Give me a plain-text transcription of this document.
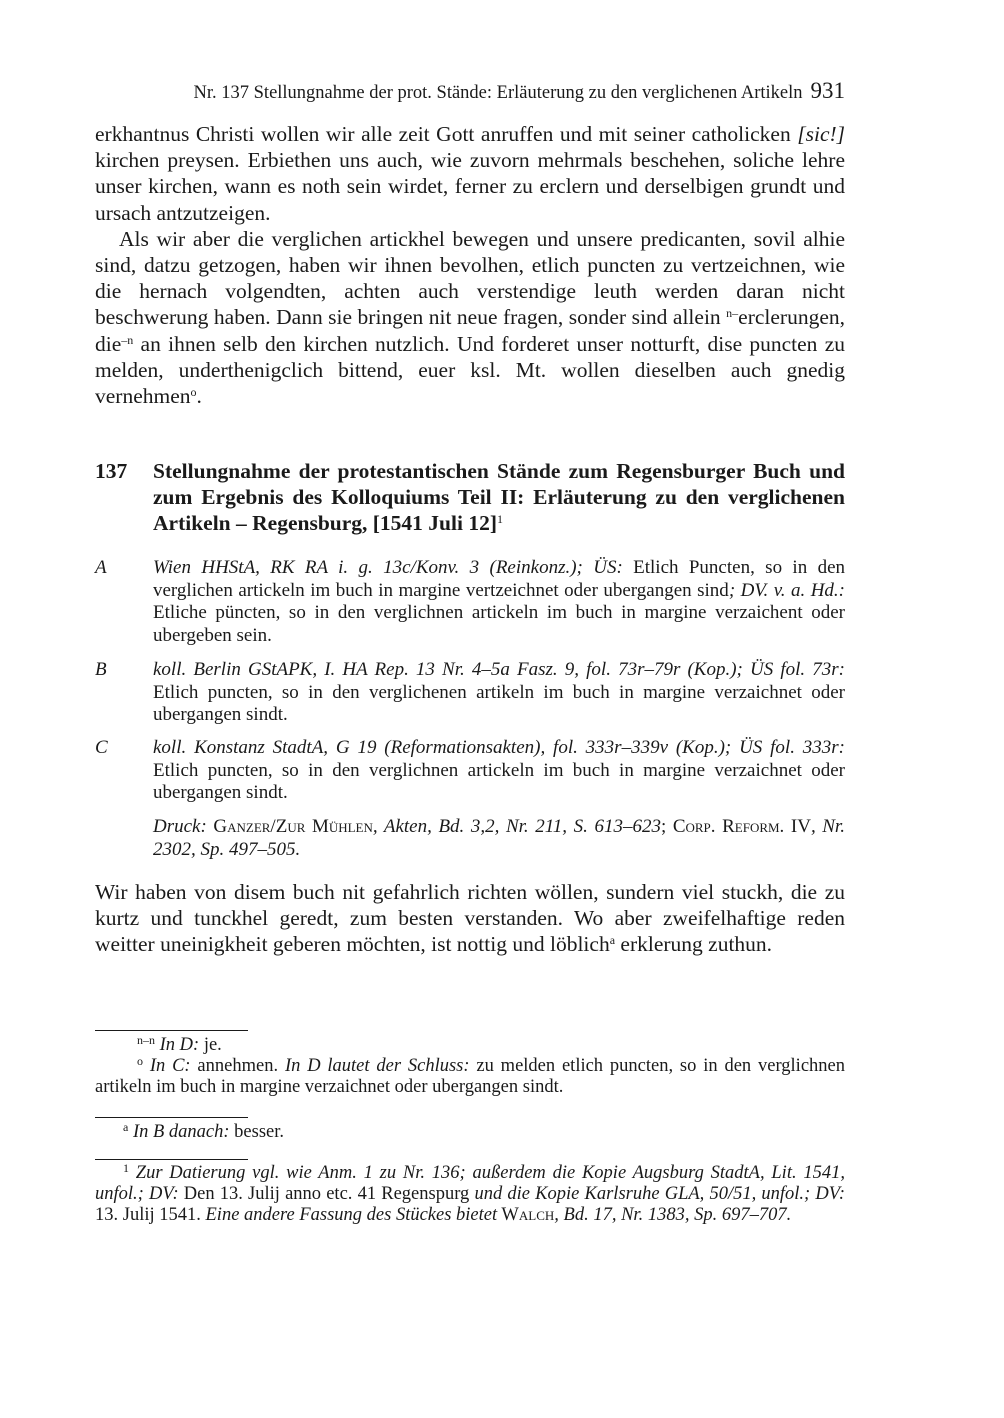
Nr. 137 Stellungnahme der prot. Stände: Erläuterung zu den verglichenen Artikeln 931

erkhantnus Christi wollen wir alle zeit Gott anruffen und mit seiner catholicken [sic!] kirchen preysen. Erbiethen uns auch, wie zuvorn mehrmals beschehen, soliche lehre unser kirchen, wann es noth sein wirdet, ferner zu erclern und derselbigen grundt und ursach antzutzeigen.

Als wir aber die verglichen artickhel bewegen und unsere predicanten, sovil alhie sind, datzu getzogen, haben wir ihnen bevolhen, etlich puncten zu vertzeichnen, wie die hernach volgendten, achten auch verstendige leuth werden daran nicht beschwerung haben. Dann sie bringen nit neue fragen, sonder sind allein $^{n-}$erclerungen, die$^{-n}$ an ihnen selb den kirchen nutzlich. Und forderet unser notturft, dise puncten zu melden, underthenigclich bittend, euer ksl. Mt. wollen dieselben auch gnedig vernehmen$^o$.

137 Stellungnahme der protestantischen Stände zum Regensburger Buch und zum Ergebnis des Kolloquiums Teil II: Erläuterung zu den verglichenen Artikeln – Regensburg, [1541 Juli 12]$^1$
A Wien HHStA, RK RA i. g. 13c/Konv. 3 (Reinkonz.); ÜS: Etlich Puncten, so in den verglichen artickeln im buch in margine vertzeichnet oder ubergangen sind; DV. v. a. Hd.: Etliche püncten, so in den verglichnen artickeln im buch in margine verzaichent oder ubergeben sein.
B koll. Berlin GStAPK, I. HA Rep. 13 Nr. 4–5a Fasz. 9, fol. 73r–79r (Kop.); ÜS fol. 73r: Etlich puncten, so in den verglichenen artikeln im buch in margine verzaichnet oder ubergangen sindt.
C koll. Konstanz StadtA, G 19 (Reformationsakten), fol. 333r–339v (Kop.); ÜS fol. 333r: Etlich puncten, so in den verglichnen artickeln im buch in margine verzaichnet oder ubergangen sindt.
Druck: Ganzer/Zur Mühlen, Akten, Bd. 3,2, Nr. 211, S. 613–623; Corp. Reform. IV, Nr. 2302, Sp. 497–505.

Wir haben von disem buch nit gefahrlich richten wöllen, sundern viel stuckh, die zu kurtz und tunckhel geredt, zum besten verstanden. Wo aber zweifelhaftige reden weitter uneinigkheit geberen möchten, ist nottig und löblich$^a$ erklerung zuthun.

$^{n-n}$ In D: je.
$^o$ In C: annehmen. In D lautet der Schluss: zu melden etlich puncten, so in den verglichnen artikeln im buch in margine verzaichnet oder ubergangen sindt.
$^a$ In B danach: besser.
$^1$ Zur Datierung vgl. wie Anm. 1 zu Nr. 136; außerdem die Kopie Augsburg StadtA, Lit. 1541, unfol.; DV: Den 13. Julij anno etc. 41 Regenspurg und die Kopie Karlsruhe GLA, 50/51, unfol.; DV: 13. Julij 1541. Eine andere Fassung des Stückes bietet Walch, Bd. 17, Nr. 1383, Sp. 697–707.
